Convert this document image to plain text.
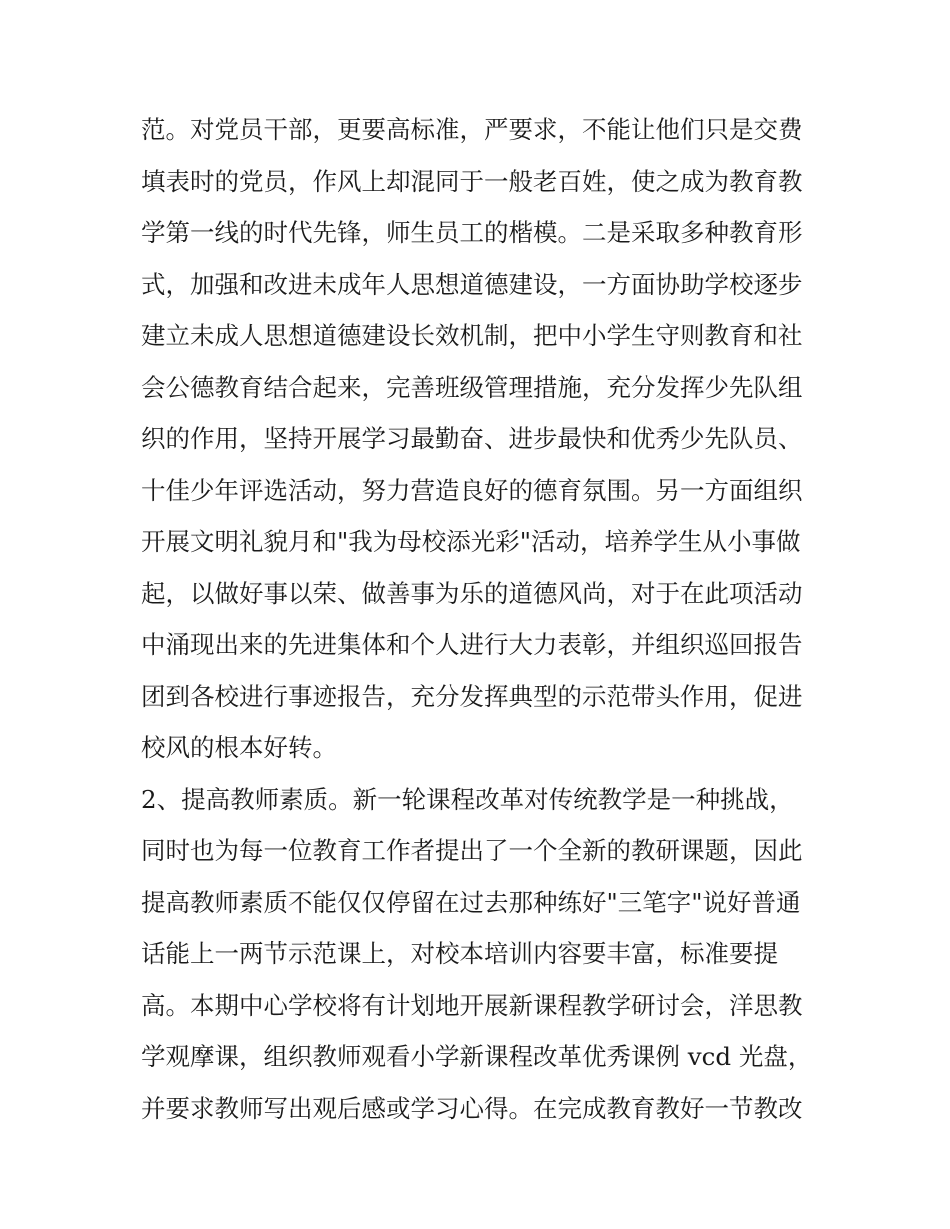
范。对党员干部，更要高标准，严要求，不能让他们只是交费
填表时的党员，作风上却混同于一般老百姓，使之成为教育教
学第一线的时代先锋，师生员工的楷模。二是采取多种教育形
式，加强和改进未成年人思想道德建设，一方面协助学校逐步
建立未成人思想道德建设长效机制，把中小学生守则教育和社
会公德教育结合起来，完善班级管理措施，充分发挥少先队组
织的作用，坚持开展学习最勤奋、进步最快和优秀少先队员、
十佳少年评选活动，努力营造良好的德育氛围。另一方面组织
开展文明礼貌月和"我为母校添光彩"活动，培养学生从小事做
起，以做好事以荣、做善事为乐的道德风尚，对于在此项活动
中涌现出来的先进集体和个人进行大力表彰，并组织巡回报告
团到各校进行事迹报告，充分发挥典型的示范带头作用，促进
校风的根本好转。
2、提高教师素质。新一轮课程改革对传统教学是一种挑战，
同时也为每一位教育工作者提出了一个全新的教研课题，因此
提高教师素质不能仅仅停留在过去那种练好"三笔字"说好普通
话能上一两节示范课上，对校本培训内容要丰富，标准要提
高。本期中心学校将有计划地开展新课程教学研讨会，洋思教
学观摩课，组织教师观看小学新课程改革优秀课例 vcd 光盘，
并要求教师写出观后感或学习心得。在完成教育教好一节教改
